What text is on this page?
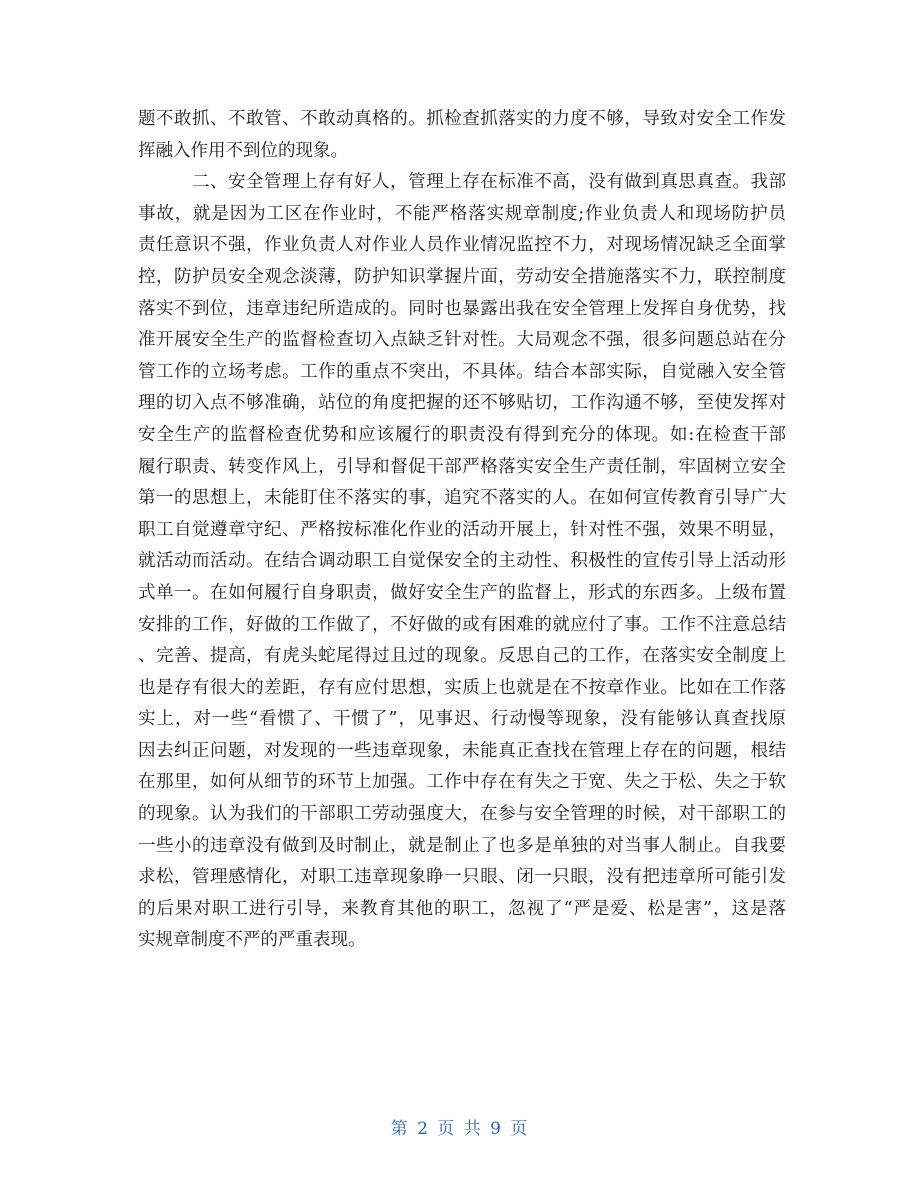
题不敢抓、不敢管、不敢动真格的。抓检查抓落实的力度不够，导致对安全工作发
挥融入作用不到位的现象。
二、安全管理上存有好人，管理上存在标准不高，没有做到真思真查。我部
事故，就是因为工区在作业时，不能严格落实规章制度;作业负责人和现场防护员
责任意识不强，作业负责人对作业人员作业情况监控不力，对现场情况缺乏全面掌
控，防护员安全观念淡薄，防护知识掌握片面，劳动安全措施落实不力，联控制度
落实不到位，违章违纪所造成的。同时也暴露出我在安全管理上发挥自身优势，找
准开展安全生产的监督检查切入点缺乏针对性。大局观念不强，很多问题总站在分
管工作的立场考虑。工作的重点不突出，不具体。结合本部实际，自觉融入安全管
理的切入点不够准确，站位的角度把握的还不够贴切，工作沟通不够，至使发挥对
安全生产的监督检查优势和应该履行的职责没有得到充分的体现。如:在检查干部
履行职责、转变作风上，引导和督促干部严格落实安全生产责任制，牢固树立安全
第一的思想上，未能盯住不落实的事，追究不落实的人。在如何宣传教育引导广大
职工自觉遵章守纪、严格按标准化作业的活动开展上，针对性不强，效果不明显，
就活动而活动。在结合调动职工自觉保安全的主动性、积极性的宣传引导上活动形
式单一。在如何履行自身职责，做好安全生产的监督上，形式的东西多。上级布置
安排的工作，好做的工作做了，不好做的或有困难的就应付了事。工作不注意总结
、完善、提高，有虎头蛇尾得过且过的现象。反思自己的工作，在落实安全制度上
也是存有很大的差距，存有应付思想，实质上也就是在不按章作业。比如在工作落
实上，对一些“看惯了、干惯了”，见事迟、行动慢等现象，没有能够认真查找原
因去纠正问题，对发现的一些违章现象，未能真正查找在管理上存在的问题，根结
在那里，如何从细节的环节上加强。工作中存在有失之于宽、失之于松、失之于软
的现象。认为我们的干部职工劳动强度大，在参与安全管理的时候，对干部职工的
一些小的违章没有做到及时制止，就是制止了也多是单独的对当事人制止。自我要
求松，管理感情化，对职工违章现象睁一只眼、闭一只眼，没有把违章所可能引发
的后果对职工进行引导，来教育其他的职工，忽视了“严是爱、松是害”，这是落
实规章制度不严的严重表现。
第 2 页 共 9 页
